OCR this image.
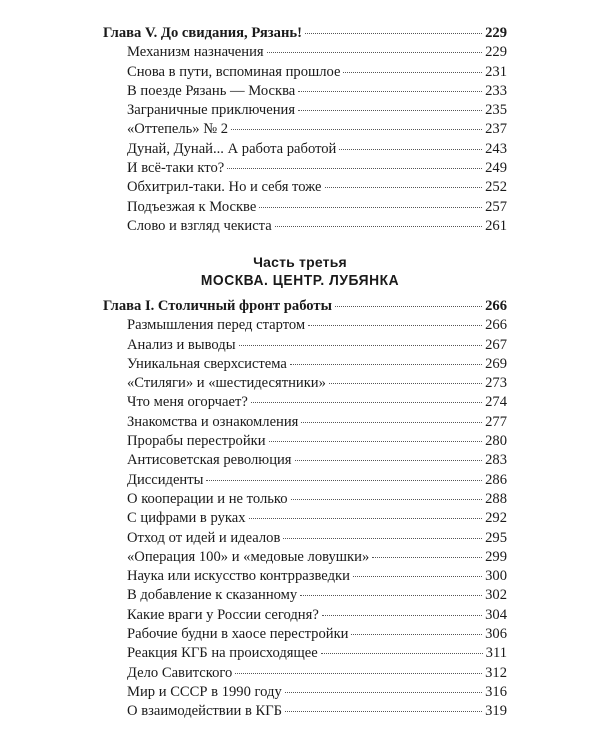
Глава V. До свидания, Рязань!	229
Механизм назначения	229
Снова в пути, вспоминая прошлое	231
В поезде Рязань — Москва	233
Заграничные приключения	235
«Оттепель» № 2	237
Дунай, Дунай... А работа работой	243
И всё-таки кто?	249
Обхитрил-таки. Но и себя тоже	252
Подъезжая к Москве	257
Слово и взгляд чекиста	261
Часть третья
МОСКВА. ЦЕНТР. ЛУБЯНКА
Глава I. Столичный фронт работы	266
Размышления перед стартом	266
Анализ и выводы	267
Уникальная сверхсистема	269
«Стиляги» и «шестидесятники»	273
Что меня огорчает?	274
Знакомства и ознакомления	277
Прорабы перестройки	280
Антисоветская революция	283
Диссиденты	286
О кооперации и не только	288
С цифрами в руках	292
Отход от идей и идеалов	295
«Операция 100» и «медовые ловушки»	299
Наука или искусство контрразведки	300
В добавление к сказанному	302
Какие враги у России сегодня?	304
Рабочие будни в хаосе перестройки	306
Реакция КГБ на происходящее	311
Дело Савитского	312
Мир и СССР в 1990 году	316
О взаимодействии в КГБ	319
